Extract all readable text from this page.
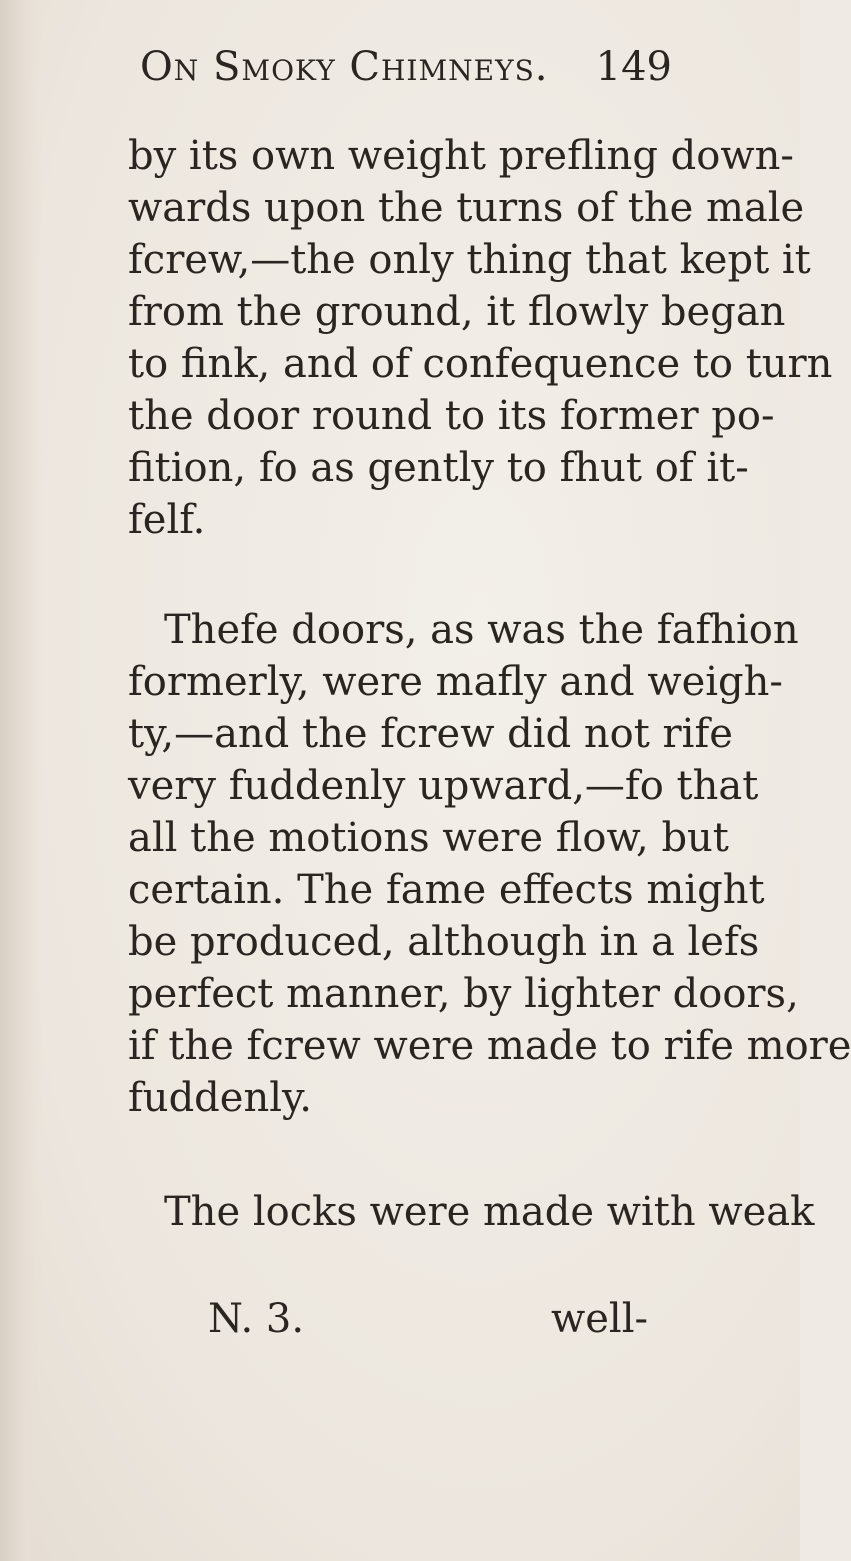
On Smoky Chimneys. 149
by its own weight prefling down-
wards upon the turns of the male
fcrew,—the only thing that kept it
from the ground, it flowly began
to fink, and of confequence to turn
the door round to its former po-
fition, fo as gently to fhut of it-
felf.
Thefe doors, as was the fafhion
formerly, were mafly and weigh-
ty,—and the fcrew did not rife
very fuddenly upward,—fo that
all the motions were flow, but
certain. The fame effects might
be produced, although in a lefs
perfect manner, by lighter doors,
if the fcrew were made to rife more
fuddenly.
The locks were made with weak
N. 3.	well-
